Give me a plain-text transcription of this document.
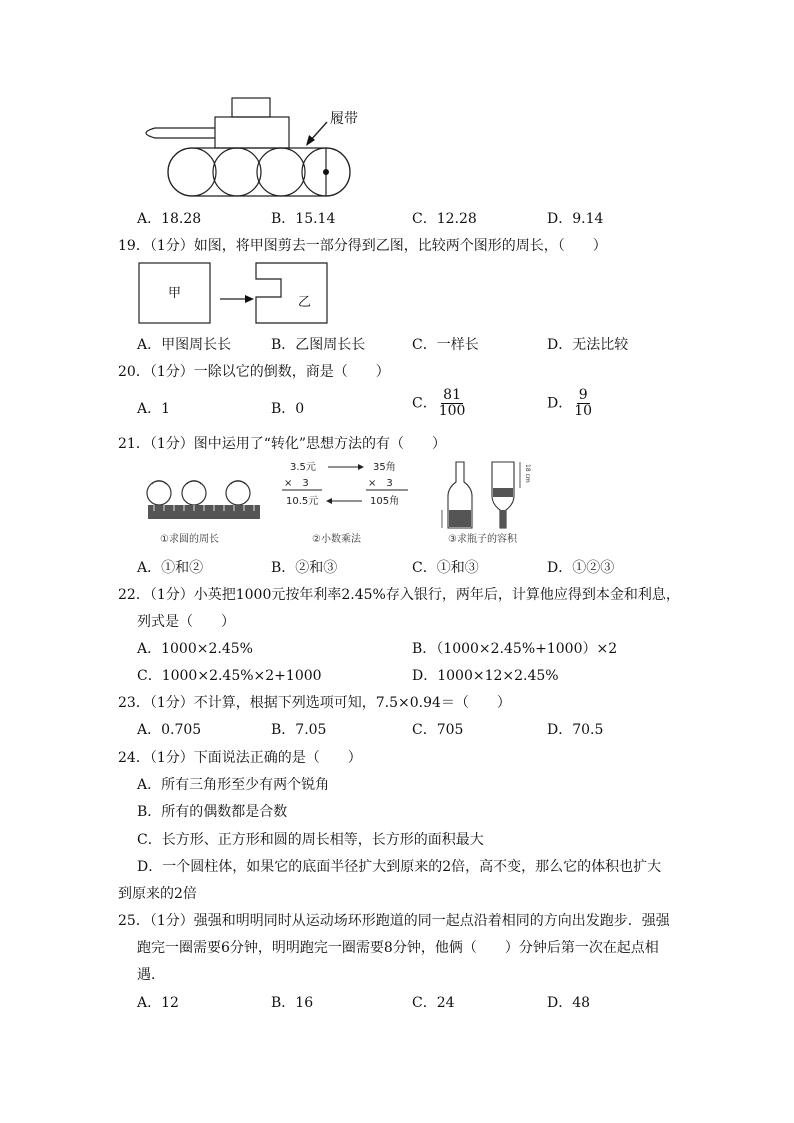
履带
A．18.28	B．15.14	C．12.28	D．9.14
19．（1分）如图，将甲图剪去一部分得到乙图，比较两个图形的周长，（　　）
甲
乙
A．甲图周长长	B．乙图周长长	C．一样长	D．无法比较
20．（1分）一除以它的倒数，商是（　　）
A．1	B．0	C． $\frac{81}{100}$	D． $\frac{9}{10}$
21．（1分）图中运用了“转化”思想方法的有（　　）
①求圆的周长
3.5元
×　3
10.5元
35角
×　3
105角
②小数乘法
18 cm
③求瓶子的容积
A．①和②	B．②和③	C．①和③	D．①②③
22．（1分）小英把1000元按年利率2.45%存入银行，两年后，计算他应得到本金和利息，
列式是（　　）
A．1000×2.45%	B．（1000×2.45%+1000）×2
C．1000×2.45%×2+1000	D．1000×12×2.45%
23．（1分）不计算，根据下列选项可知，7.5×0.94＝（　　）
A．0.705	B．7.05	C．705	D．70.5
24．（1分）下面说法正确的是（　　）
A．所有三角形至少有两个锐角
B．所有的偶数都是合数
C．长方形、正方形和圆的周长相等，长方形的面积最大
D．一个圆柱体，如果它的底面半径扩大到原来的2倍，高不变，那么它的体积也扩大
到原来的2倍
25．（1分）强强和明明同时从运动场环形跑道的同一起点沿着相同的方向出发跑步．强强
跑完一圈需要6分钟，明明跑完一圈需要8分钟，他俩（　　）分钟后第一次在起点相
遇．
A．12	B．16	C．24	D．48
